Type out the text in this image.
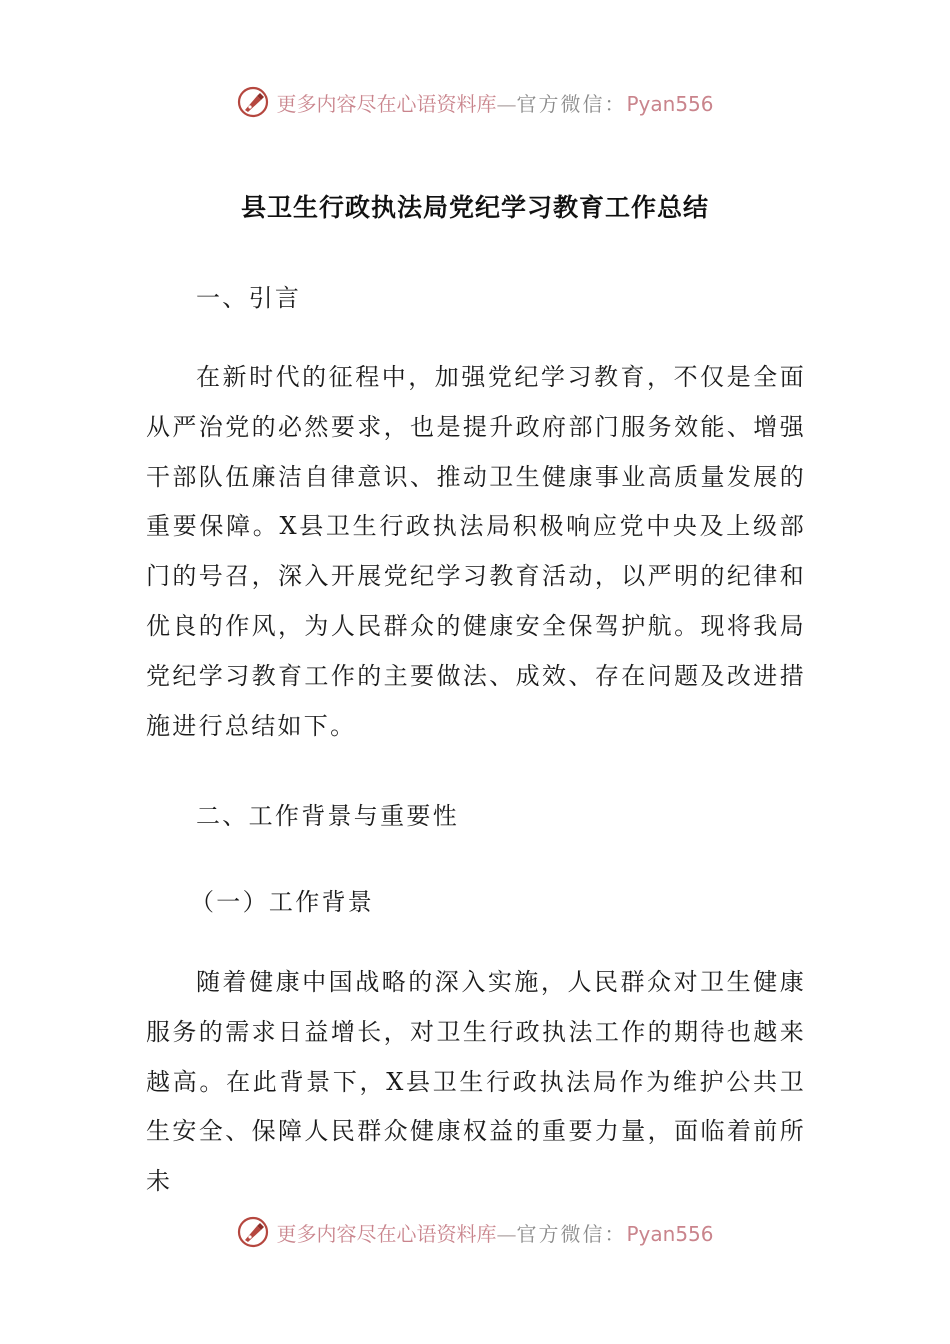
更多内容尽在心语资料库—官方微信：Pyan556
县卫生行政执法局党纪学习教育工作总结
一、引言

在新时代的征程中，加强党纪学习教育，不仅是全面从严治党的必然要求，也是提升政府部门服务效能、增强干部队伍廉洁自律意识、推动卫生健康事业高质量发展的重要保障。X县卫生行政执法局积极响应党中央及上级部门的号召，深入开展党纪学习教育活动，以严明的纪律和优良的作风，为人民群众的健康安全保驾护航。现将我局党纪学习教育工作的主要做法、成效、存在问题及改进措施进行总结如下。

二、工作背景与重要性
（一）工作背景

随着健康中国战略的深入实施，人民群众对卫生健康服务的需求日益增长，对卫生行政执法工作的期待也越来越高。在此背景下，X县卫生行政执法局作为维护公共卫生安全、保障人民群众健康权益的重要力量，面临着前所未

更多内容尽在心语资料库—官方微信：Pyan556
